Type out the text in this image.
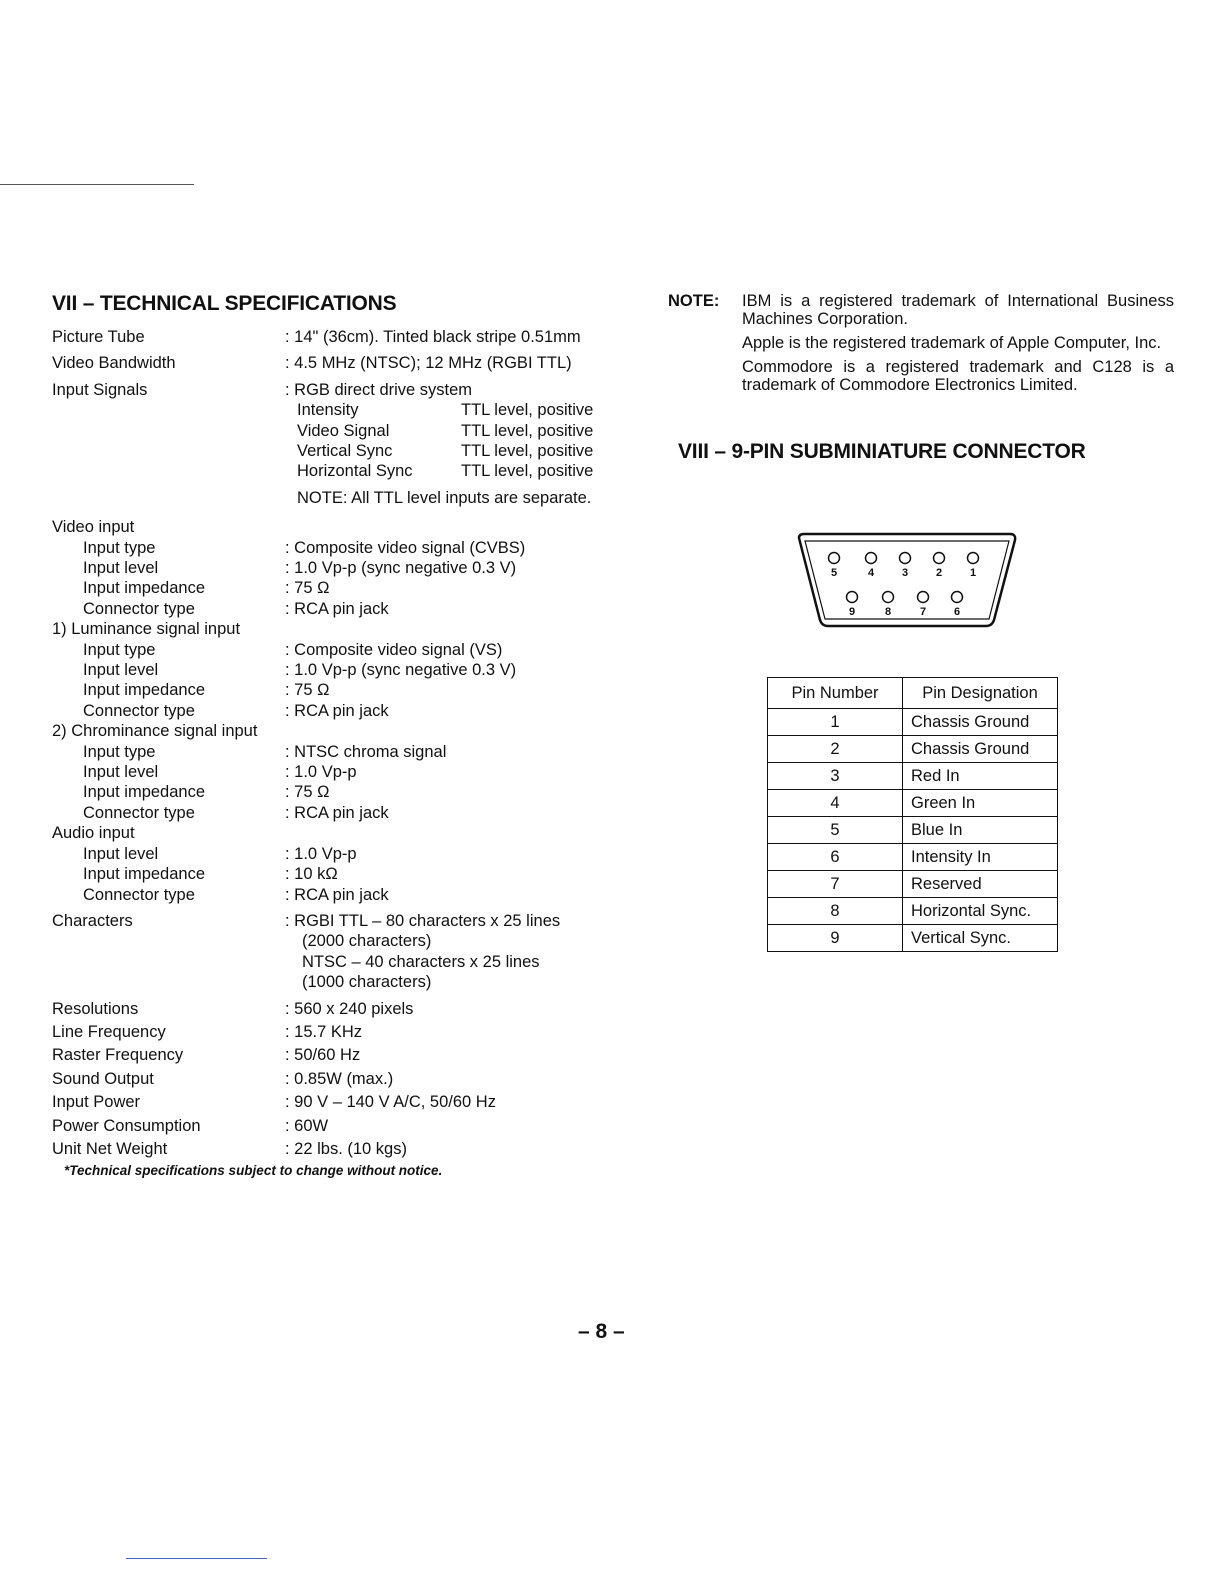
VII – TECHNICAL SPECIFICATIONS
Picture Tube	: 14" (36cm). Tinted black stripe 0.51mm
Video Bandwidth	: 4.5 MHz (NTSC); 12 MHz (RGBI TTL)
Input Signals	: RGB direct drive system
Intensity	TTL level, positive
Video Signal	TTL level, positive
Vertical Sync	TTL level, positive
Horizontal Sync	TTL level, positive
NOTE: All TTL level inputs are separate.
Video input
Input type	: Composite video signal (CVBS)
Input level	: 1.0 Vp-p (sync negative 0.3 V)
Input impedance	: 75 Ω
Connector type	: RCA pin jack
1) Luminance signal input
Input type	: Composite video signal (VS)
Input level	: 1.0 Vp-p (sync negative 0.3 V)
Input impedance	: 75 Ω
Connector type	: RCA pin jack
2) Chrominance signal input
Input type	: NTSC chroma signal
Input level	: 1.0 Vp-p
Input impedance	: 75 Ω
Connector type	: RCA pin jack
Audio input
Input level	: 1.0 Vp-p
Input impedance	: 10 kΩ
Connector type	: RCA pin jack
Characters	: RGBI TTL – 80 characters x 25 lines
(2000 characters)
NTSC – 40 characters x 25 lines
(1000 characters)
Resolutions	: 560 x 240 pixels
Line Frequency	: 15.7 KHz
Raster Frequency	: 50/60 Hz
Sound Output	: 0.85W (max.)
Input Power	: 90 V – 140 V A/C, 50/60 Hz
Power Consumption	: 60W
Unit Net Weight	: 22 lbs. (10 kgs)
*Technical specifications subject to change without notice.
– 8 –
NOTE: IBM is a registered trademark of International Business Machines Corporation.

Apple is the registered trademark of Apple Computer, Inc.

Commodore is a registered trademark and C128 is a trademark of Commodore Electronics Limited.

VIII – 9-PIN SUBMINIATURE CONNECTOR
5	4	3	2	1
9	8	7	6
Pin Number	Pin Designation
1	Chassis Ground
2	Chassis Ground
3	Red In
4	Green In
5	Blue In
6	Intensity In
7	Reserved
8	Horizontal Sync.
9	Vertical Sync.
